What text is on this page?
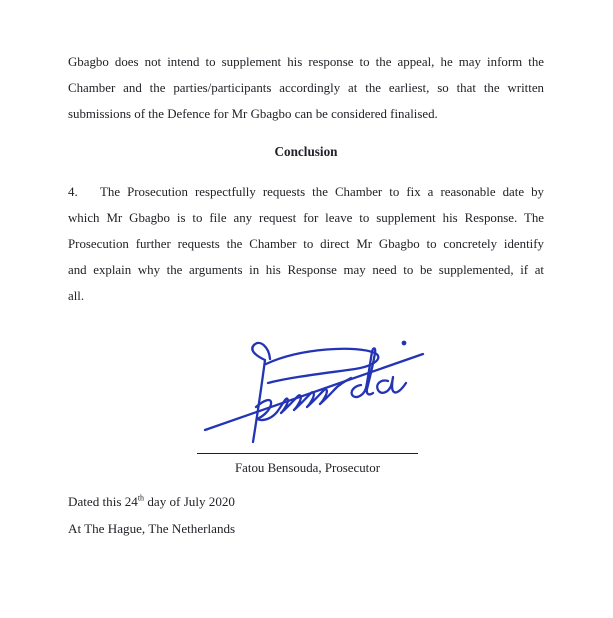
Gbagbo does not intend to supplement his response to the appeal, he may inform the
Chamber and the parties/participants accordingly at the earliest, so that the written
submissions of the Defence for Mr Gbagbo can be considered finalised.
Conclusion
4. The Prosecution respectfully requests the Chamber to fix a reasonable date by
which Mr Gbagbo is to file any request for leave to supplement his Response. The
Prosecution further requests the Chamber to direct Mr Gbagbo to concretely identify
and explain why the arguments in his Response may need to be supplemented, if at
all.
Fatou Bensouda, Prosecutor
Dated this 24th day of July 2020
At The Hague, The Netherlands
